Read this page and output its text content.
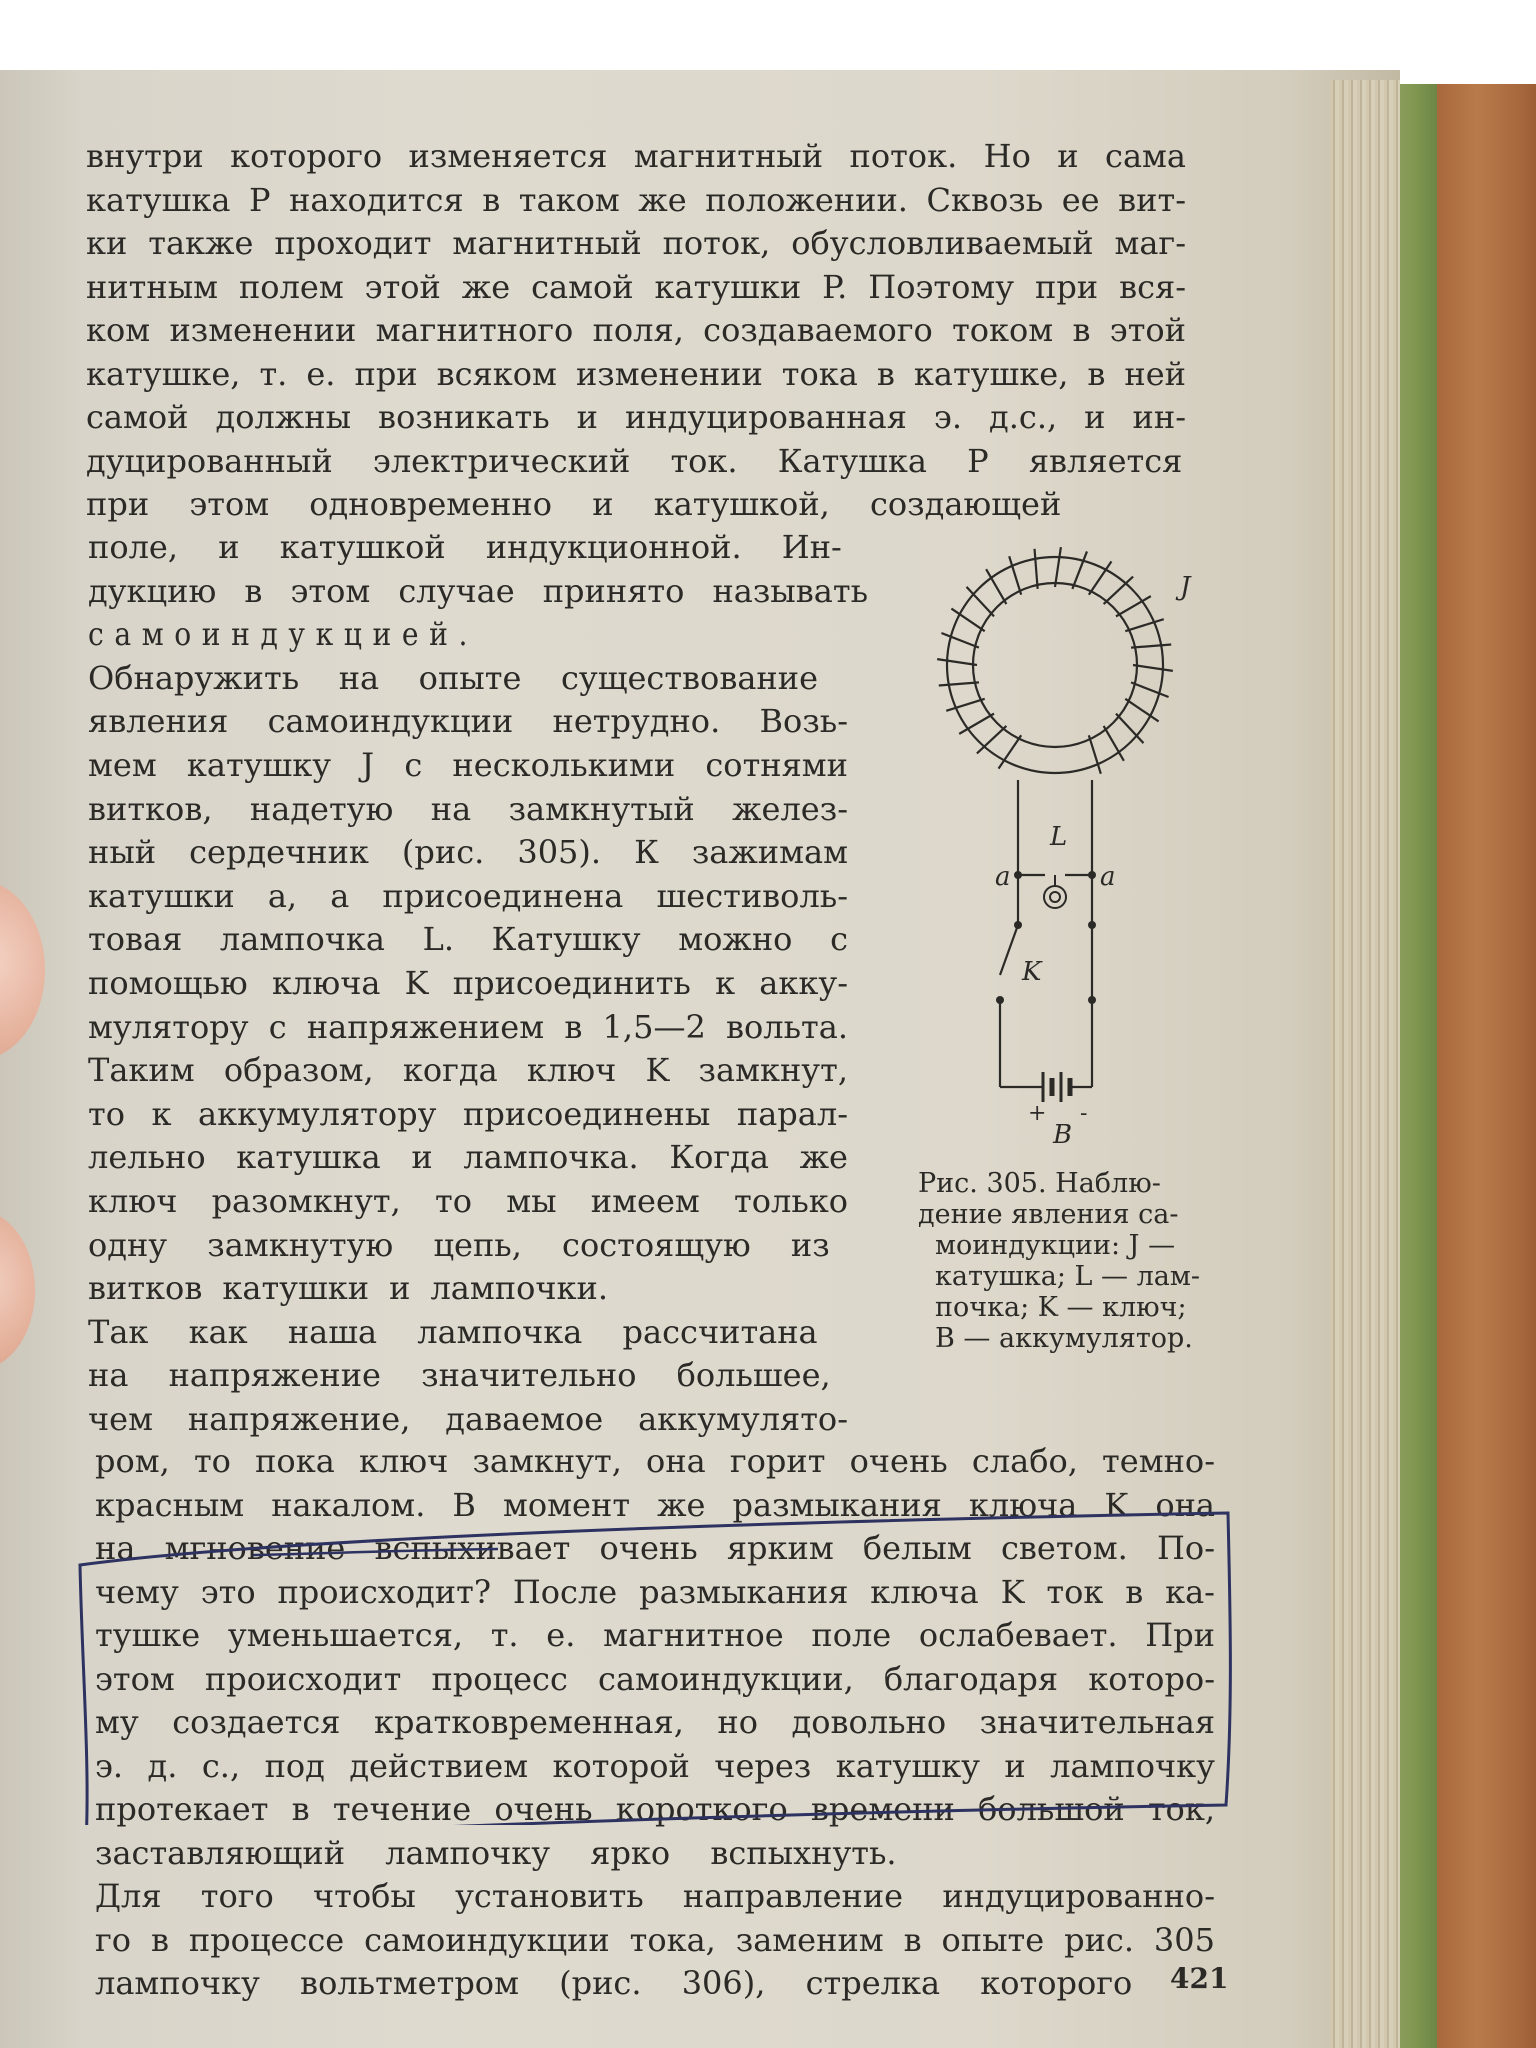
внутри которого изменяется магнитный поток. Но и сама
катушка P находится в таком же положении. Сквозь ее вит-
ки также проходит магнитный поток, обусловливаемый маг-
нитным полем этой же самой катушки P. Поэтому при вся-
ком изменении магнитного поля, создаваемого током в этой
катушке, т. е. при всяком изменении тока в катушке, в ней
самой должны возникать и индуцированная э. д.с., и ин-
дуцированный электрический ток. Катушка P является
при этом одновременно и катушкой, создающей
поле, и катушкой индукционной. Ин-
дукцию в этом случае принято называть
самоиндукцией.
Обнаружить на опыте существование
явления самоиндукции нетрудно. Возь-
мем катушку J с несколькими сотнями
витков, надетую на замкнутый желез-
ный сердечник (рис. 305). К зажимам
катушки a, a присоединена шестиволь-
товая лампочка L. Катушку можно с
помощью ключа K присоединить к акку-
мулятору с напряжением в 1,5—2 вольта.
Таким образом, когда ключ K замкнут,
то к аккумулятору присоединены парал-
лельно катушка и лампочка. Когда же
ключ разомкнут, то мы имеем только
одну замкнутую цепь, состоящую из
витков катушки и лампочки.
Так как наша лампочка рассчитана
на напряжение значительно большее,
чем напряжение, даваемое аккумулято-
ром, то пока ключ замкнут, она горит очень слабо, темно-
красным накалом. В момент же размыкания ключа K она
на мгновение вспыхивает очень ярким белым светом. По-
чему это происходит? После размыкания ключа K ток в ка-
тушке уменьшается, т. е. магнитное поле ослабевает. При
этом происходит процесс самоиндукции, благодаря которо-
му создается кратковременная, но довольно значительная
э. д. с., под действием которой через катушку и лампочку
протекает в течение очень короткого времени большой ток,
заставляющий лампочку ярко вспыхнуть.
Для того чтобы установить направление индуцированно-
го в процессе самоиндукции тока, заменим в опыте рис. 305
лампочку вольтметром (рис. 306), стрелка которого
J
L
a	a
K
B
+ -
Рис. 305. Наблю-
дение явления са-
моиндукции: J —
катушка; L — лам-
почка; K — ключ;
B — аккумулятор.
421
